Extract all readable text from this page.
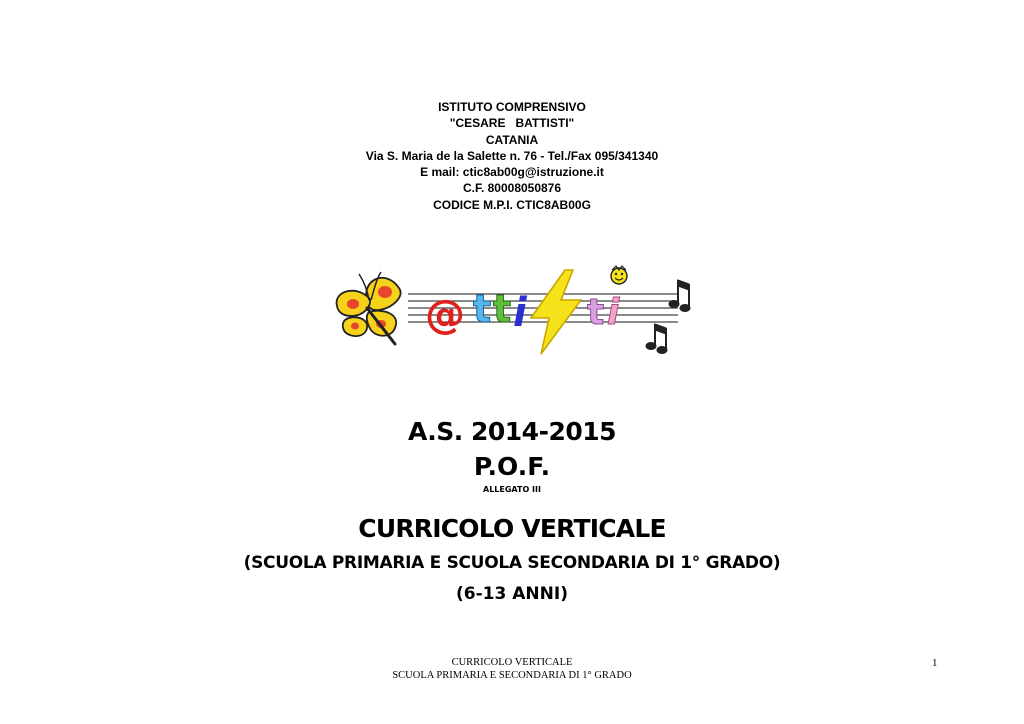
ISTITUTO COMPRENSIVO
"CESARE   BATTISTI"
CATANIA
Via S. Maria de la Salette n. 76 - Tel./Fax 095/341340
E mail: ctic8ab00g@istruzione.it
C.F. 80008050876
CODICE M.P.I. CTIC8AB00G
@ t t i t i
A.S. 2014-2015
P.O.F.
ALLEGATO III
CURRICOLO VERTICALE
(SCUOLA PRIMARIA E SCUOLA SECONDARIA DI 1° GRADO)
(6-13 ANNI)
CURRICOLO VERTICALE
SCUOLA PRIMARIA E SECONDARIA DI 1° GRADO
1
